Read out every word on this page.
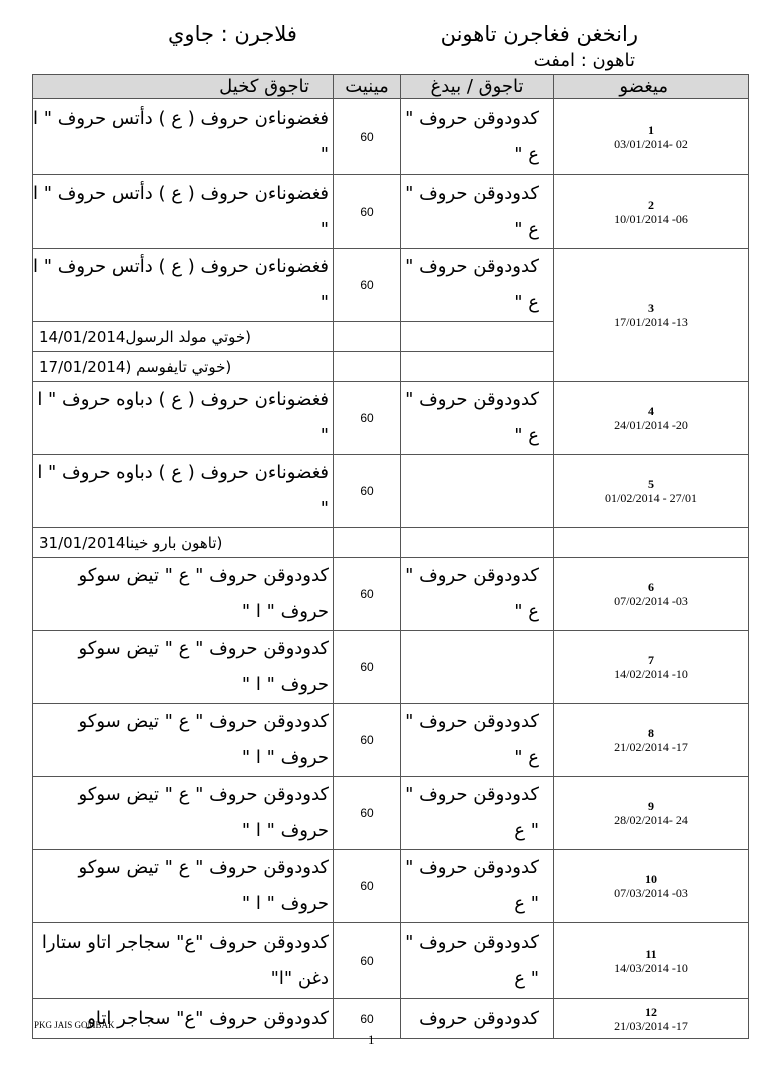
رانخغن فغاجرن تاهونن
فلاجرن : جاوي
تاهون : امفت
ميغضو	تاجوق / بيدغ	مينيت	تاجوق كخيل

1
02 -03/01/2014	كدودوقن حروف " ع "	60	فغضوناءن حروف ( ع ) دأتس حروف " ا "

2
06- 10/01/2014	كدودوقن حروف " ع "	60	فغضوناءن حروف ( ع ) دأتس حروف " ا "

3
13- 17/01/2014	كدودوقن حروف " ع "	60	فغضوناءن حروف ( ع ) دأتس حروف " ا "
			(خوتي مولد الرسول14/01/2014
			(خوتي تايفوسم (17/01/2014

4
20- 24/01/2014	كدودوقن حروف " ع "	60	فغضوناءن حروف ( ع ) دباوه حروف " ا "

5
27/01 - 01/02/2014		60	فغضوناءن حروف ( ع ) دباوه حروف " ا "
			(تاهون بارو خينا31/01/2014

6
03- 07/02/2014	كدودوقن حروف " ع "	60	كدودوقن حروف " ع " تيض سوكو حروف " ا "

7
10- 14/02/2014		60	كدودوقن حروف " ع " تيض سوكو حروف " ا "

8
17- 21/02/2014	كدودوقن حروف " ع "	60	كدودوقن حروف " ع " تيض سوكو حروف " ا "

9
24 -28/02/2014	كدودوقن حروف " " ع	60	كدودوقن حروف " ع " تيض سوكو حروف " ا "

10
03- 07/03/2014	كدودوقن حروف " " ع	60	كدودوقن حروف " ع " تيض سوكو حروف " ا "

11
10- 14/03/2014	كدودوقن حروف " " ع	60	كدودوقن حروف "ع" سجاجر اتاو ستارا دغن "ا"

12
17- 21/03/2014	كدودوقن حروف	60	كدودوقن حروف "ع" سجاجر اتاو
PKG JAIS GOMBAK
1
